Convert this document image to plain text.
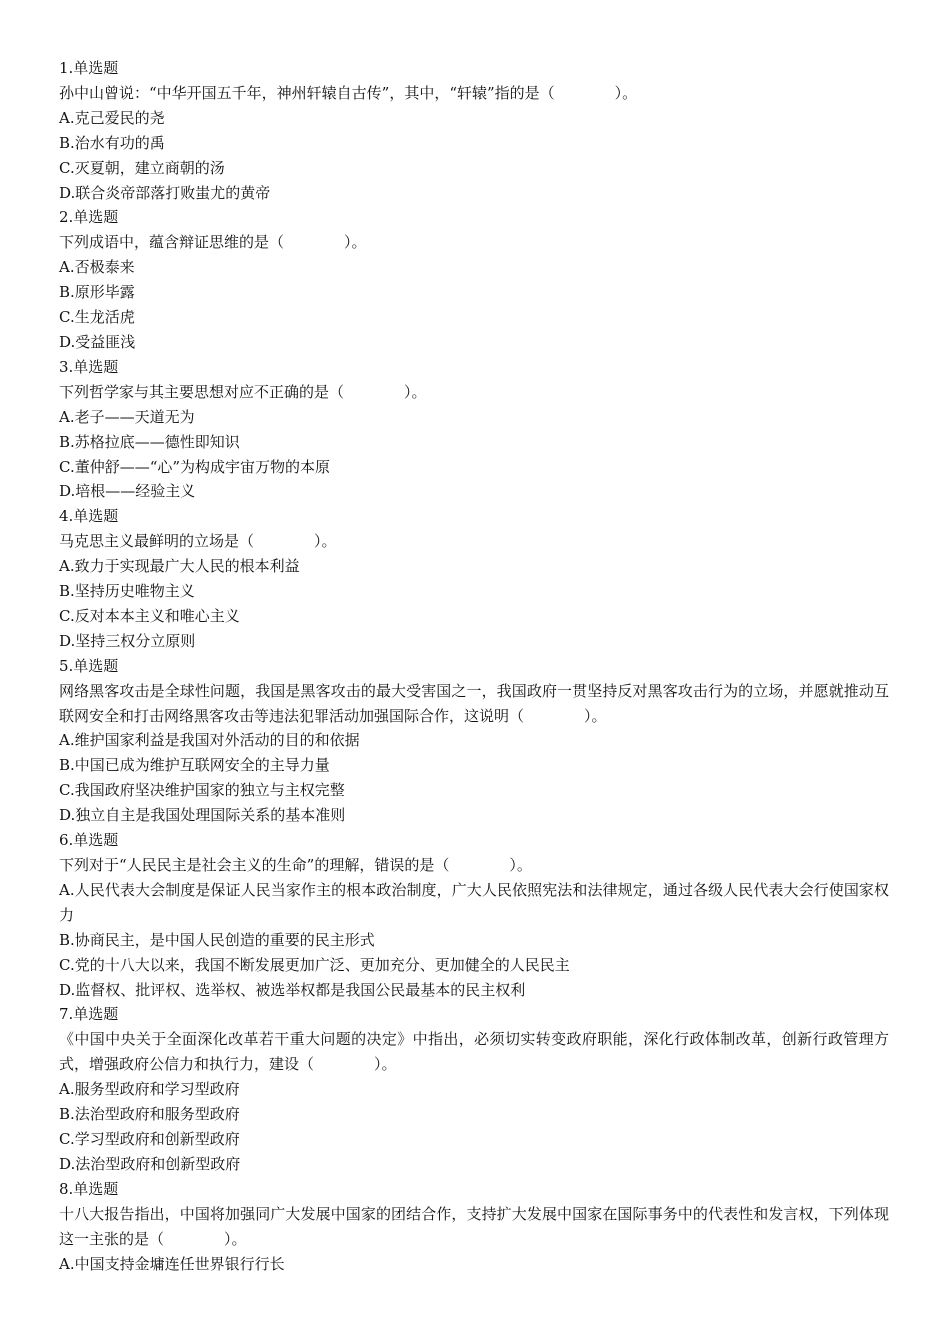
1.单选题
孙中山曾说：“中华开国五千年，神州轩辕自古传”，其中，“轩辕”指的是（　　　　）。
A.克己爱民的尧
B.治水有功的禹
C.灭夏朝，建立商朝的汤
D.联合炎帝部落打败蚩尤的黄帝
2.单选题
下列成语中，蕴含辩证思维的是（　　　　）。
A.否极泰来
B.原形毕露
C.生龙活虎
D.受益匪浅
3.单选题
下列哲学家与其主要思想对应不正确的是（　　　　）。
A.老子——天道无为
B.苏格拉底——德性即知识
C.董仲舒——“心”为构成宇宙万物的本原
D.培根——经验主义
4.单选题
马克思主义最鲜明的立场是（　　　　）。
A.致力于实现最广大人民的根本利益
B.坚持历史唯物主义
C.反对本本主义和唯心主义
D.坚持三权分立原则
5.单选题
网络黑客攻击是全球性问题，我国是黑客攻击的最大受害国之一，我国政府一贯坚持反对黑客攻击行为的立场，并愿就推动互联网安全和打击网络黑客攻击等违法犯罪活动加强国际合作，这说明（　　　　）。
A.维护国家利益是我国对外活动的目的和依据
B.中国已成为维护互联网安全的主导力量
C.我国政府坚决维护国家的独立与主权完整
D.独立自主是我国处理国际关系的基本准则
6.单选题
下列对于“人民民主是社会主义的生命”的理解，错误的是（　　　　）。
A.人民代表大会制度是保证人民当家作主的根本政治制度，广大人民依照宪法和法律规定，通过各级人民代表大会行使国家权力
B.协商民主，是中国人民创造的重要的民主形式
C.党的十八大以来，我国不断发展更加广泛、更加充分、更加健全的人民民主
D.监督权、批评权、选举权、被选举权都是我国公民最基本的民主权利
7.单选题
《中国中央关于全面深化改革若干重大问题的决定》中指出，必须切实转变政府职能，深化行政体制改革，创新行政管理方式，增强政府公信力和执行力，建设（　　　　）。
A.服务型政府和学习型政府
B.法治型政府和服务型政府
C.学习型政府和创新型政府
D.法治型政府和创新型政府
8.单选题
十八大报告指出，中国将加强同广大发展中国家的团结合作，支持扩大发展中国家在国际事务中的代表性和发言权，下列体现这一主张的是（　　　　）。
A.中国支持金墉连任世界银行行长
